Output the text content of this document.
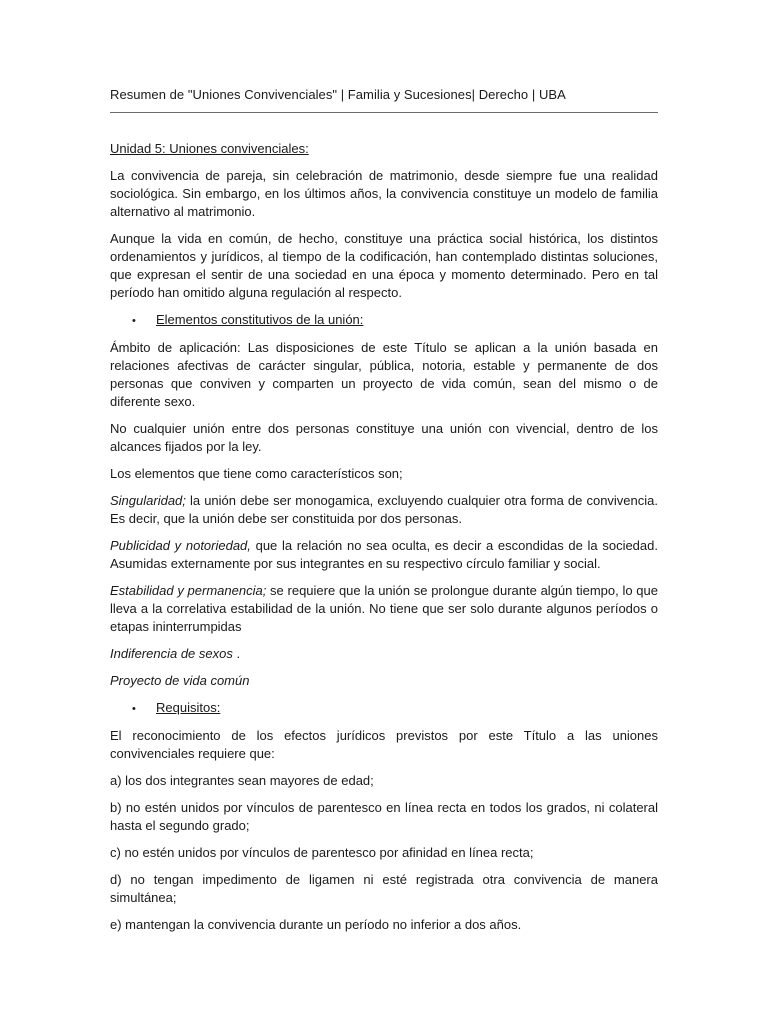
Resumen de "Uniones Convivenciales" | Familia y Sucesiones| Derecho | UBA

Unidad 5: Uniones convivenciales:

La convivencia de pareja, sin celebración de matrimonio, desde siempre fue una realidad sociológica. Sin embargo, en los últimos años, la convivencia constituye un modelo de familia alternativo al matrimonio.

Aunque la vida en común, de hecho, constituye una práctica social histórica, los distintos ordenamientos y jurídicos, al tiempo de la codificación, han contemplado distintas soluciones, que expresan el sentir de una sociedad en una época y momento determinado. Pero en tal período han omitido alguna regulación al respecto.

•	Elementos constitutivos de la unión:

Ámbito de aplicación: Las disposiciones de este Título se aplican a la unión basada en relaciones afectivas de carácter singular, pública, notoria, estable y permanente de dos personas que conviven y comparten un proyecto de vida común, sean del mismo o de diferente sexo.

No cualquier unión entre dos personas constituye una unión con vivencial, dentro de los alcances fijados por la ley.

Los elementos que tiene como característicos son;

Singularidad; la unión debe ser monogamica, excluyendo cualquier otra forma de convivencia. Es decir, que la unión debe ser constituida por dos personas.

Publicidad y notoriedad, que la relación no sea oculta, es decir a escondidas de la sociedad. Asumidas externamente por sus integrantes en su respectivo círculo familiar y social.

Estabilidad y permanencia; se requiere que la unión se prolongue durante algún tiempo, lo que lleva a la correlativa estabilidad de la unión. No tiene que ser solo durante algunos períodos o etapas ininterrumpidas

Indiferencia de sexos .

Proyecto de vida común

•	Requisitos:

El reconocimiento de los efectos jurídicos previstos por este Título a las uniones convivenciales requiere que:

a) los dos integrantes sean mayores de edad;

b) no estén unidos por vínculos de parentesco en línea recta en todos los grados, ni colateral hasta el segundo grado;

c) no estén unidos por vínculos de parentesco por afinidad en línea recta;

d) no tengan impedimento de ligamen ni esté registrada otra convivencia de manera simultánea;

e) mantengan la convivencia durante un período no inferior a dos años.
